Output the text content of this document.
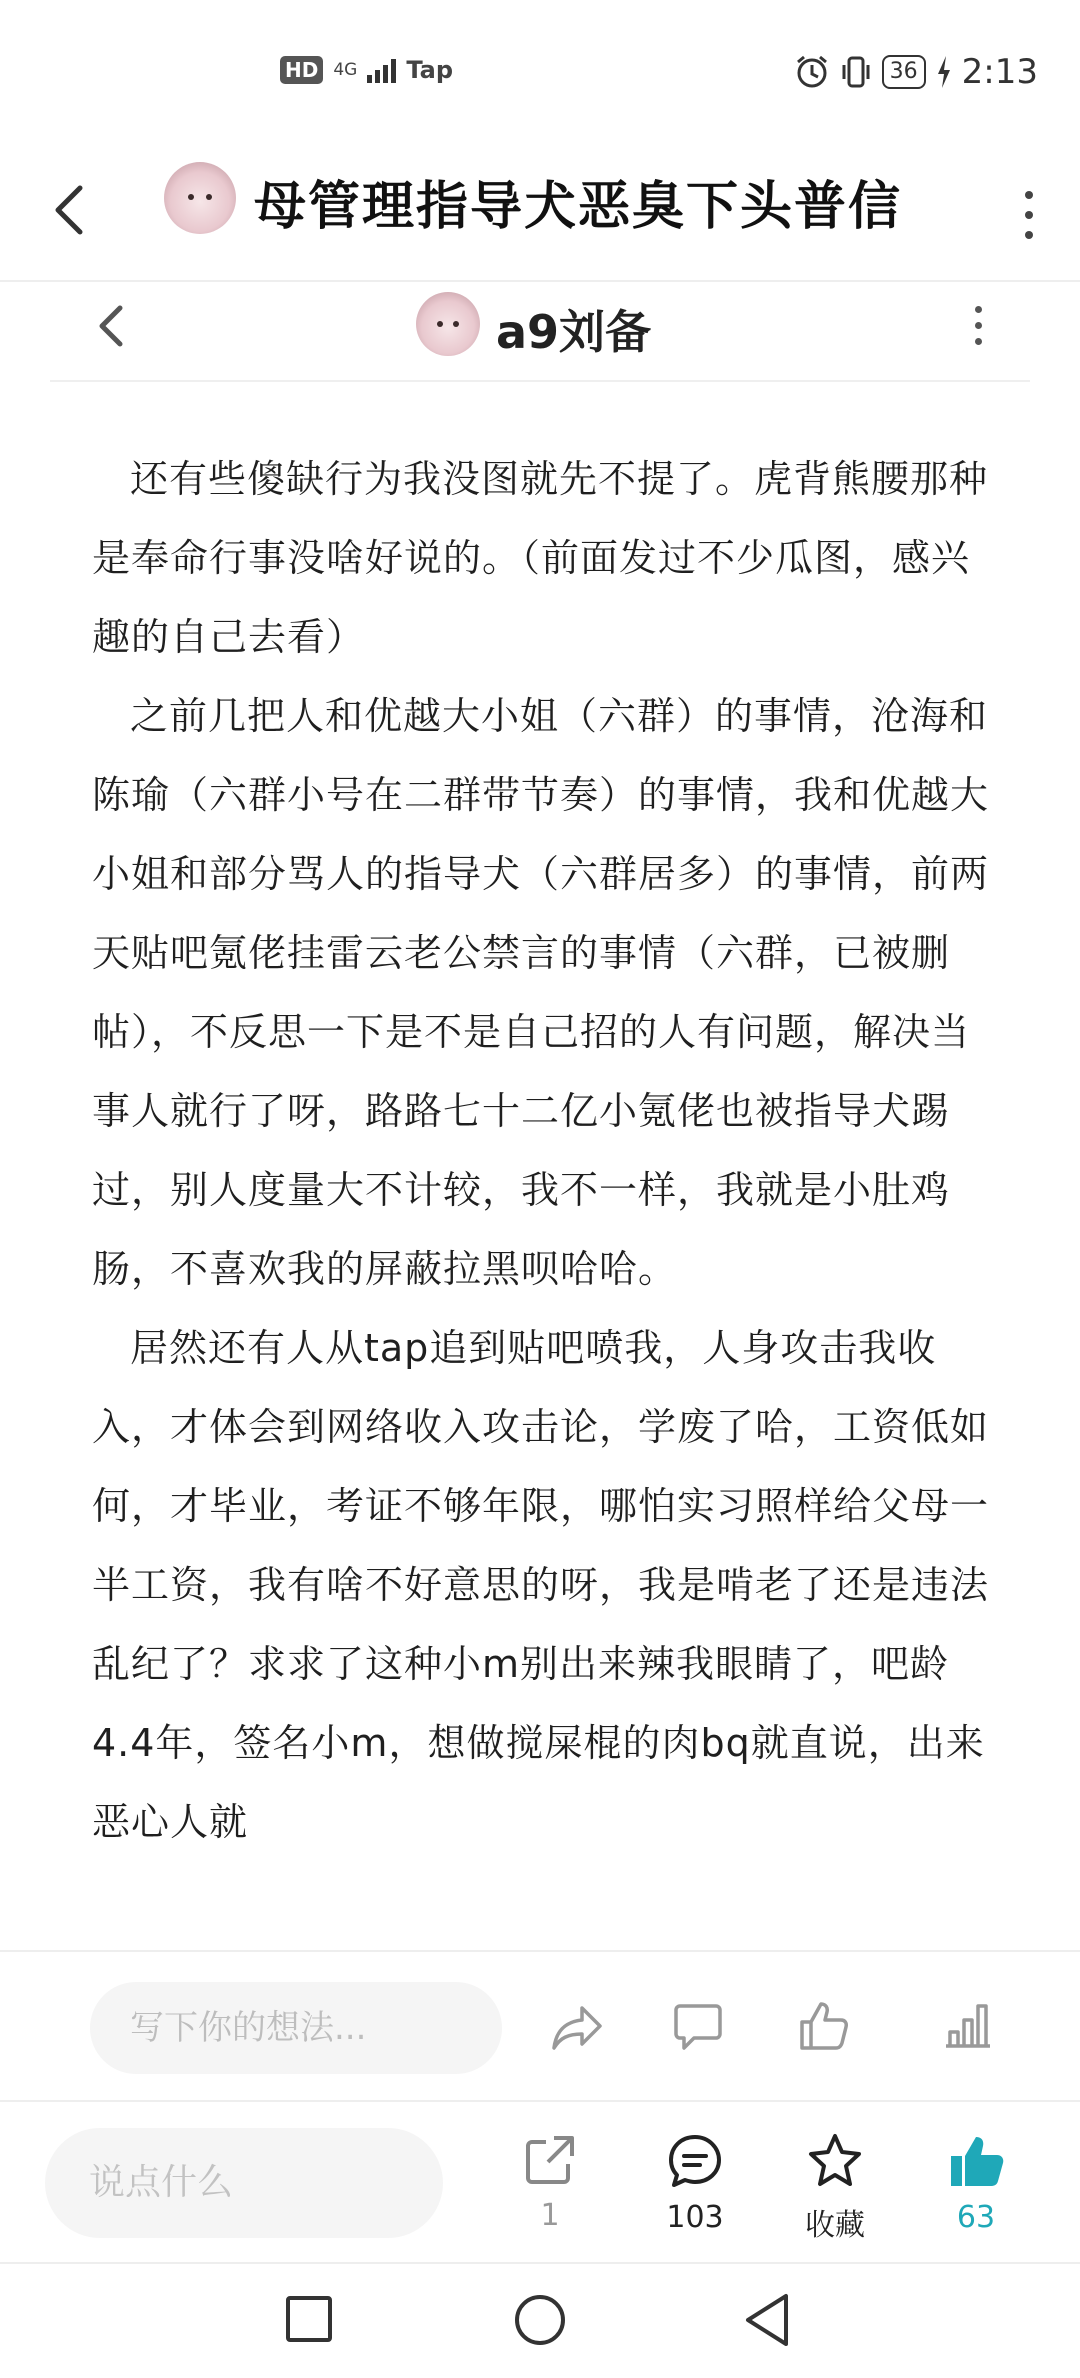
HD 4G Tap	36 2:13
母管理指导犬恶臭下头普信
a9刘备

还有些傻缺行为我没图就先不提了。虎背熊腰那种是奉命行事没啥好说的。（前面发过不少瓜图，感兴趣的自己去看）

之前几把人和优越大小姐（六群）的事情，沧海和陈瑜（六群小号在二群带节奏）的事情，我和优越大小姐和部分骂人的指导犬（六群居多）的事情，前两天贴吧氪佬挂雷云老公禁言的事情（六群，已被删帖），不反思一下是不是自己招的人有问题，解决当事人就行了呀，路路七十二亿小氪佬也被指导犬踢过，别人度量大不计较，我不一样，我就是小肚鸡肠，不喜欢我的屏蔽拉黑呗哈哈。

居然还有人从tap追到贴吧喷我，人身攻击我收入，才体会到网络收入攻击论，学废了哈，工资低如何，才毕业，考证不够年限，哪怕实习照样给父母一半工资，我有啥不好意思的呀，我是啃老了还是违法乱纪了？求求了这种小m别出来辣我眼睛了，吧龄4.4年，签名小m，想做搅屎棍的肉bq就直说，出来恶心人就

写下你的想法...
说点什么
1	103	收藏	63
